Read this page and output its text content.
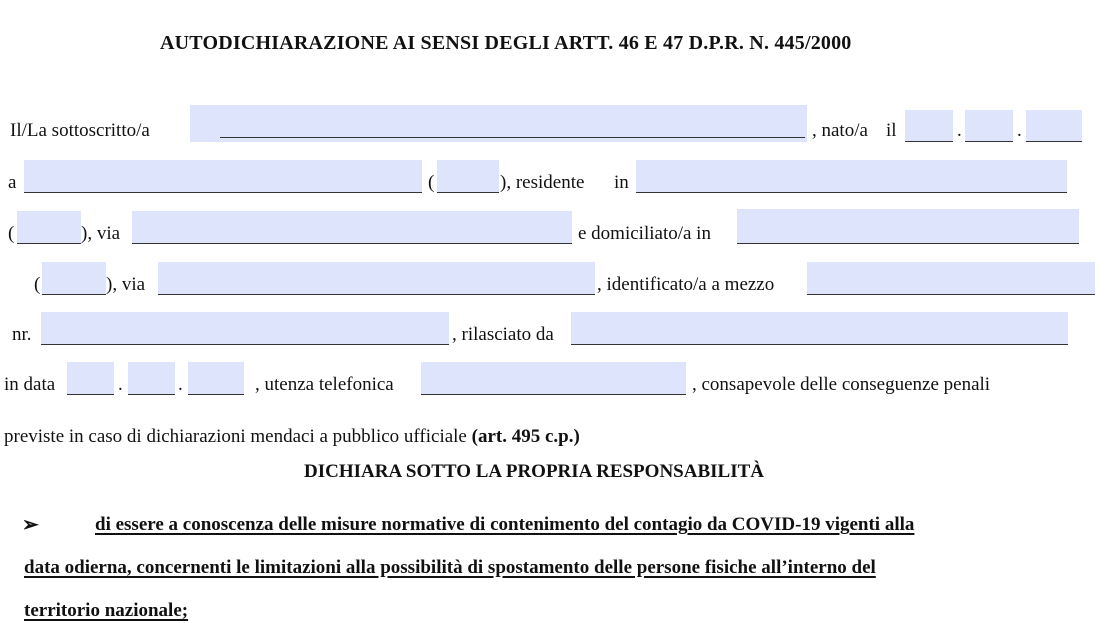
AUTODICHIARAZIONE AI SENSI DEGLI ARTT. 46 E 47 D.P.R. N. 445/2000
Il/La sottoscritto/a	, nato/a il	.	.
a	(	), residente in
(	), via	e domiciliato/a in
(	), via	, identificato/a a mezzo
nr.	, rilasciato da
in data	.	.	, utenza telefonica	, consapevole delle conseguenze penali
previste in caso di dichiarazioni mendaci a pubblico ufficiale (art. 495 c.p.)
DICHIARA SOTTO LA PROPRIA RESPONSABILITÀ
➢	di essere a conoscenza delle misure normative di contenimento del contagio da COVID-19 vigenti alla
data odierna, concernenti le limitazioni alla possibilità di spostamento delle persone fisiche all’interno del
territorio nazionale;
